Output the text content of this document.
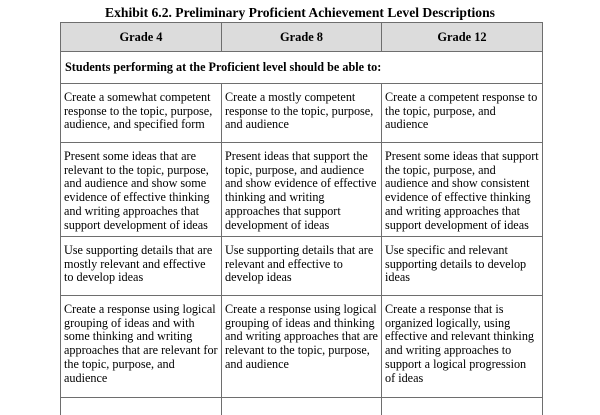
Exhibit 6.2. Preliminary Proficient Achievement Level Descriptions
Grade 4	Grade 8	Grade 12
Students performing at the Proficient level should be able to:		
Create a somewhat competent response to the topic, purpose, audience, and specified form	Create a mostly competent response to the topic, purpose, and audience	Create a competent response to the topic, purpose, and audience
Present some ideas that are relevant to the topic, purpose, and audience and show some evidence of effective thinking and writing approaches that support development of ideas	Present ideas that support the topic, purpose, and audience and show evidence of effective thinking and writing approaches that support development of ideas	Present some ideas that support the topic, purpose, and audience and show consistent evidence of effective thinking and writing approaches that support development of ideas
Use supporting details that are mostly relevant and effective to develop ideas	Use supporting details that are relevant and effective to develop ideas	Use specific and relevant supporting details to develop ideas
Create a response using logical grouping of ideas and with some thinking and writing approaches that are relevant for the topic, purpose, and audience	Create a response using logical grouping of ideas and thinking and writing approaches that are relevant to the topic, purpose, and audience	Create a response that is organized logically, using effective and relevant thinking and writing approaches to support a logical progression of ideas
